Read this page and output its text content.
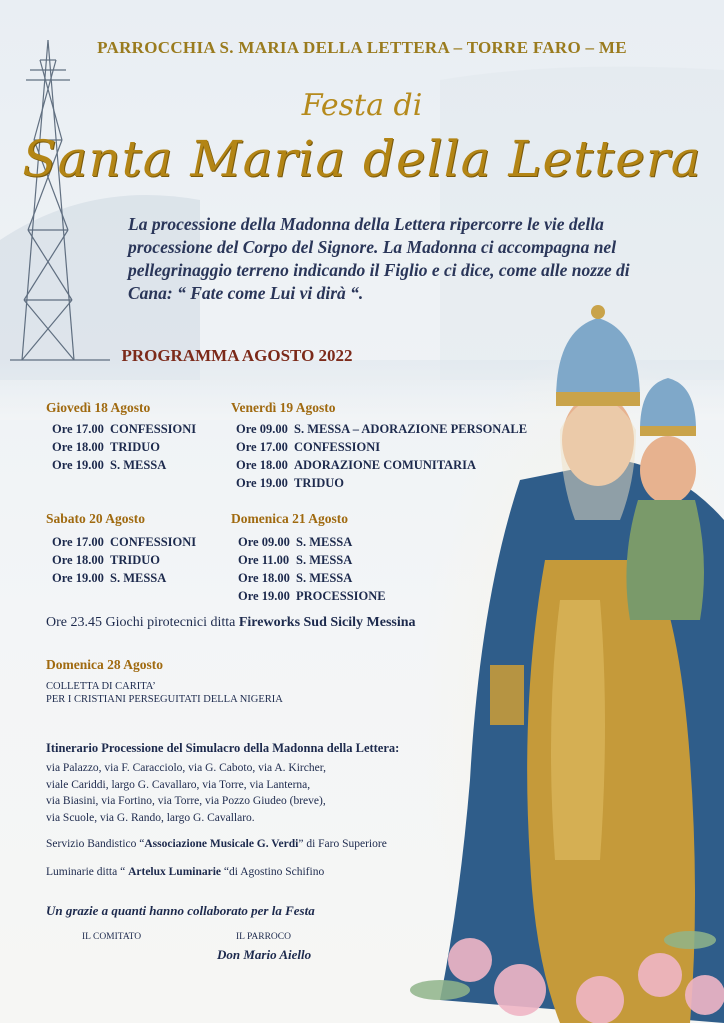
PARROCCHIA S. MARIA DELLA LETTERA – TORRE FARO – ME
Festa di
Santa Maria della Lettera
La processione della Madonna della Lettera ripercorre le vie della processione del Corpo del Signore. La Madonna ci accompagna nel pellegrinaggio terreno indicando il Figlio e ci dice, come alle nozze di Cana: “ Fate come Lui vi dirà “.
PROGRAMMA AGOSTO 2022
Giovedì 18 Agosto
Ore 17.00 CONFESSIONI
Ore 18.00 TRIDUO
Ore 19.00 S. MESSA
Venerdì 19 Agosto
Ore 09.00 S. MESSA – ADORAZIONE PERSONALE
Ore 17.00 CONFESSIONI
Ore 18.00 ADORAZIONE COMUNITARIA
Ore 19.00 TRIDUO
Sabato 20 Agosto
Ore 17.00 CONFESSIONI
Ore 18.00 TRIDUO
Ore 19.00 S. MESSA
Domenica 21 Agosto
Ore 09.00 S. MESSA
Ore 11.00 S. MESSA
Ore 18.00 S. MESSA
Ore 19.00 PROCESSIONE
Ore 23.45 Giochi pirotecnici ditta Fireworks Sud Sicily Messina
Domenica 28 Agosto
COLLETTA DI CARITA’
PER I CRISTIANI PERSEGUITATI DELLA NIGERIA
Itinerario Processione del Simulacro della Madonna della Lettera:
via Palazzo, via F. Caracciolo, via G. Caboto, via A. Kircher,
viale Cariddi, largo G. Cavallaro, via Torre, via Lanterna,
via Biasini, via Fortino, via Torre, via Pozzo Giudeo (breve),
via Scuole, via G. Rando, largo G. Cavallaro.
Servizio Bandistico “Associazione Musicale G. Verdi” di Faro Superiore
Luminarie ditta “ Artelux Luminarie “di Agostino Schifino
Un grazie a quanti hanno collaborato per la Festa
IL COMITATO	IL PARROCO
Don Mario Aiello
